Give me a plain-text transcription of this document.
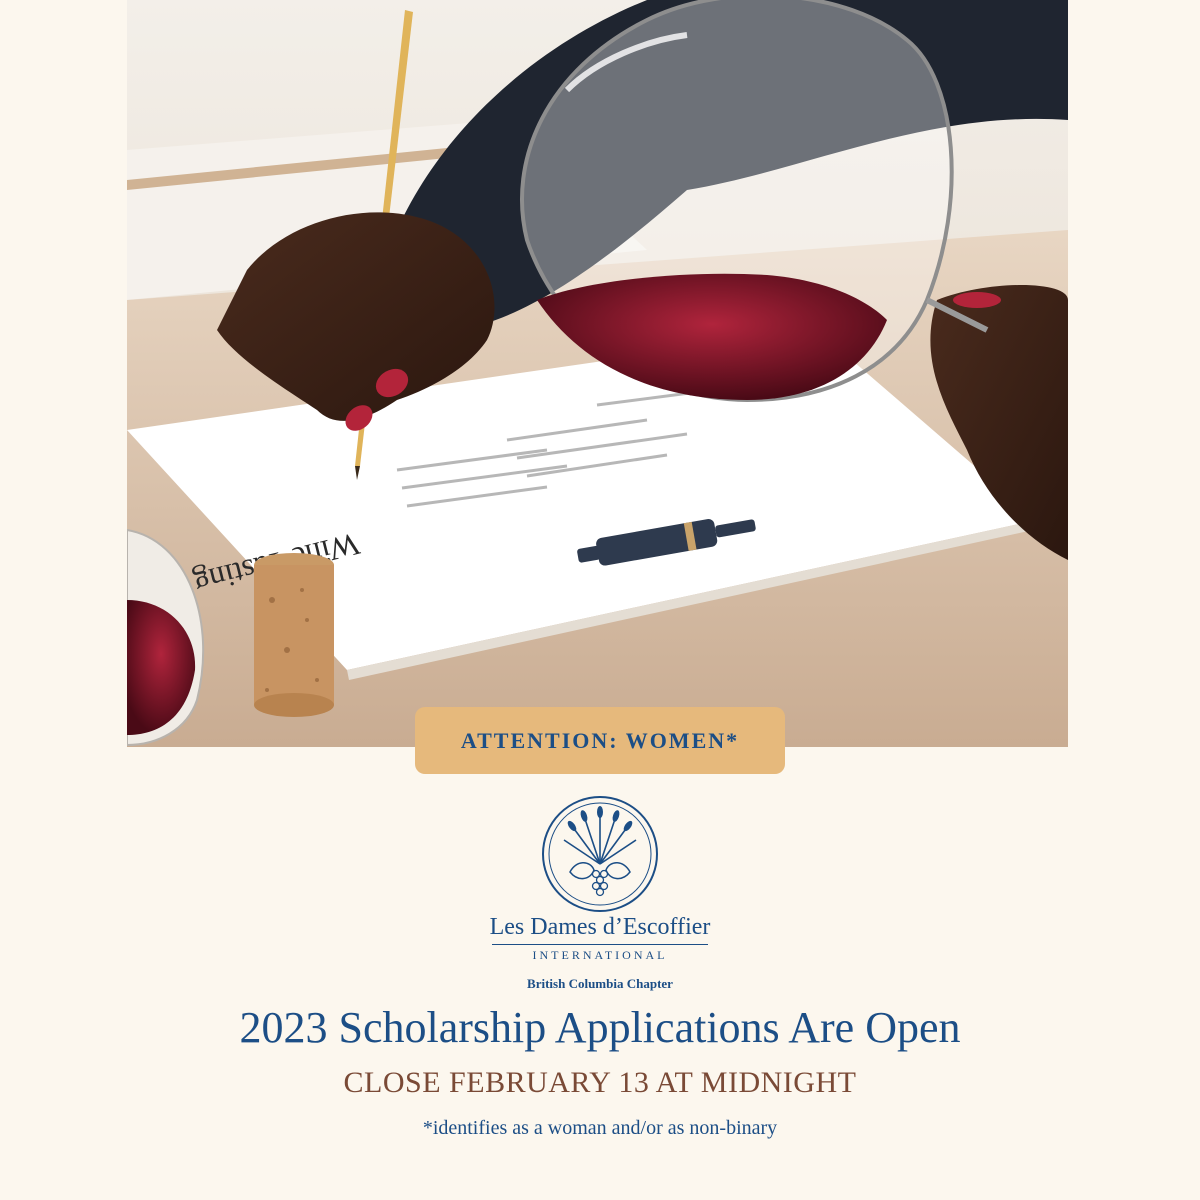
Wine Tasting
ATTENTION: WOMEN*
Les Dames d’Escoffier
INTERNATIONAL
British Columbia Chapter
2023 Scholarship Applications Are Open
CLOSE FEBRUARY 13 AT MIDNIGHT
*identifies as a woman and/or as non-binary
